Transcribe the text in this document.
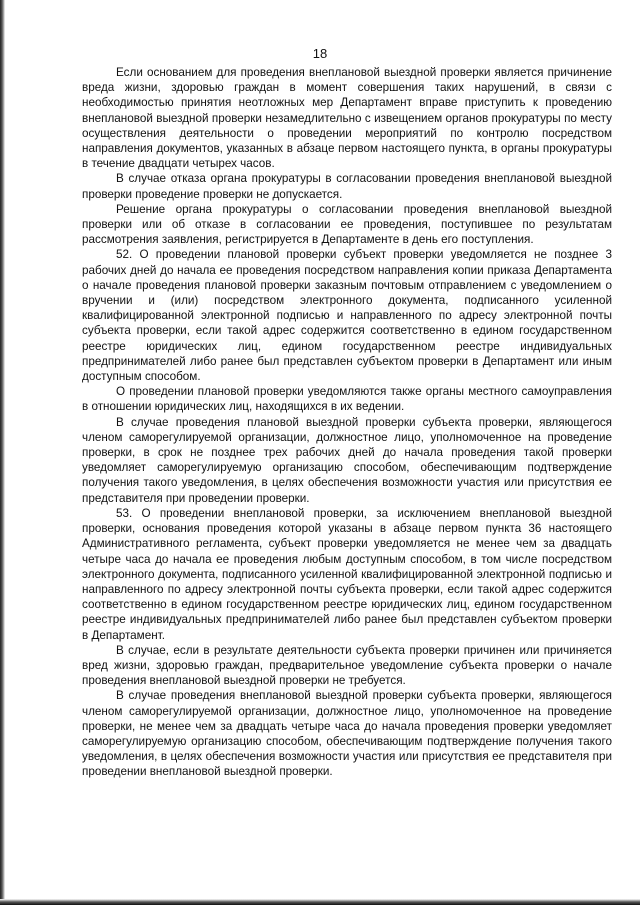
18

Если основанием для проведения внеплановой выездной проверки является причинение вреда жизни, здоровью граждан в момент совершения таких нарушений, в связи с необходимостью принятия неотложных мер Департамент вправе приступить к проведению внеплановой выездной проверки незамедлительно с извещением органов прокуратуры по месту осуществления деятельности о проведении мероприятий по контролю посредством направления документов, указанных в абзаце первом настоящего пункта, в органы прокуратуры в течение двадцати четырех часов.

В случае отказа органа прокуратуры в согласовании проведения внеплановой выездной проверки проведение проверки не допускается.

Решение органа прокуратуры о согласовании проведения внеплановой выездной проверки или об отказе в согласовании ее проведения, поступившее по результатам рассмотрения заявления, регистрируется в Департаменте в день его поступления.

52. О проведении плановой проверки субъект проверки уведомляется не позднее 3 рабочих дней до начала ее проведения посредством направления копии приказа Департамента о начале проведения плановой проверки заказным почтовым отправлением с уведомлением о вручении и (или) посредством электронного документа, подписанного усиленной квалифицированной электронной подписью и направленного по адресу электронной почты субъекта проверки, если такой адрес содержится соответственно в едином государственном реестре юридических лиц, едином государственном реестре индивидуальных предпринимателей либо ранее был представлен субъектом проверки в Департамент или иным доступным способом.

О проведении плановой проверки уведомляются также органы местного самоуправления в отношении юридических лиц, находящихся в их ведении.

В случае проведения плановой выездной проверки субъекта проверки, являющегося членом саморегулируемой организации, должностное лицо, уполномоченное на проведение проверки, в срок не позднее трех рабочих дней до начала проведения такой проверки уведомляет саморегулируемую организацию способом, обеспечивающим подтверждение получения такого уведомления, в целях обеспечения возможности участия или присутствия ее представителя при проведении проверки.

53. О проведении внеплановой проверки, за исключением внеплановой выездной проверки, основания проведения которой указаны в абзаце первом пункта 36 настоящего Административного регламента, субъект проверки уведомляется не менее чем за двадцать четыре часа до начала ее проведения любым доступным способом, в том числе посредством электронного документа, подписанного усиленной квалифицированной электронной подписью и направленного по адресу электронной почты субъекта проверки, если такой адрес содержится соответственно в едином государственном реестре юридических лиц, едином государственном реестре индивидуальных предпринимателей либо ранее был представлен субъектом проверки в Департамент.

В случае, если в результате деятельности субъекта проверки причинен или причиняется вред жизни, здоровью граждан, предварительное уведомление субъекта проверки о начале проведения внеплановой выездной проверки не требуется.

В случае проведения внеплановой выездной проверки субъекта проверки, являющегося членом саморегулируемой организации, должностное лицо, уполномоченное на проведение проверки, не менее чем за двадцать четыре часа до начала проведения проверки уведомляет саморегулируемую организацию способом, обеспечивающим подтверждение получения такого уведомления, в целях обеспечения возможности участия или присутствия ее представителя при проведении внеплановой выездной проверки.
